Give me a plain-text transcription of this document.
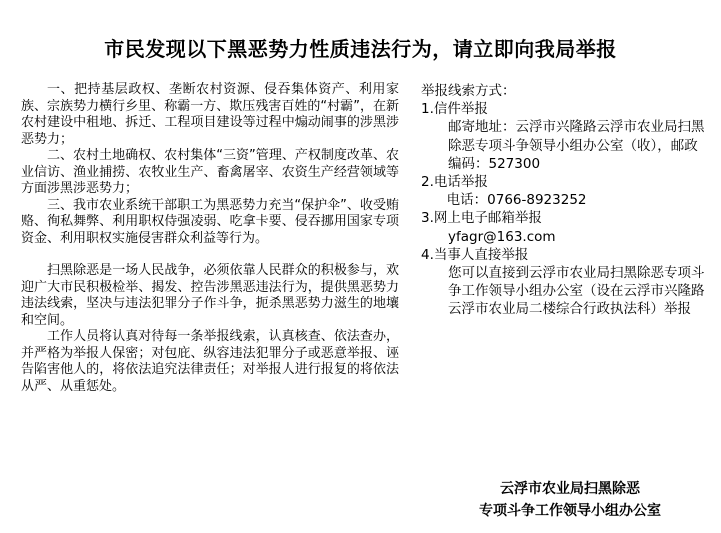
市民发现以下黑恶势力性质违法行为，请立即向我局举报

一、把持基层政权、垄断农村资源、侵吞集体资产、利用家族、宗族势力横行乡里、称霸一方、欺压残害百姓的“村霸”，在新农村建设中租地、拆迁、工程项目建设等过程中煽动闹事的涉黑涉恶势力；

二、农村土地确权、农村集体“三资”管理、产权制度改革、农业信访、渔业捕捞、农牧业生产、畜禽屠宰、农资生产经营领域等方面涉黑涉恶势力；

三、我市农业系统干部职工为黑恶势力充当“保护伞”、收受贿赂、徇私舞弊、利用职权侍强凌弱、吃拿卡要、侵吞挪用国家专项资金、利用职权实施侵害群众利益等行为。

扫黑除恶是一场人民战争，必须依靠人民群众的积极参与，欢迎广大市民积极检举、揭发、控告涉黑恶违法行为，提供黑恶势力违法线索，坚决与违法犯罪分子作斗争，扼杀黑恶势力滋生的地壤和空间。

工作人员将认真对待每一条举报线索，认真核查、依法查办，并严格为举报人保密；对包庇、纵容违法犯罪分子或恶意举报、诬告陷害他人的，将依法追究法律责任；对举报人进行报复的将依法从严、从重惩处。

举报线索方式：
1.信件举报
邮寄地址：云浮市兴隆路云浮市农业局扫黑除恶专项斗争领导小组办公室（收），邮政编码：527300
2.电话举报
电话：0766-8923252
3.网上电子邮箱举报
yfagr@163.com
4.当事人直接举报
您可以直接到云浮市农业局扫黑除恶专项斗争工作领导小组办公室（设在云浮市兴隆路云浮市农业局二楼综合行政执法科）举报
云浮市农业局扫黑除恶
专项斗争工作领导小组办公室
